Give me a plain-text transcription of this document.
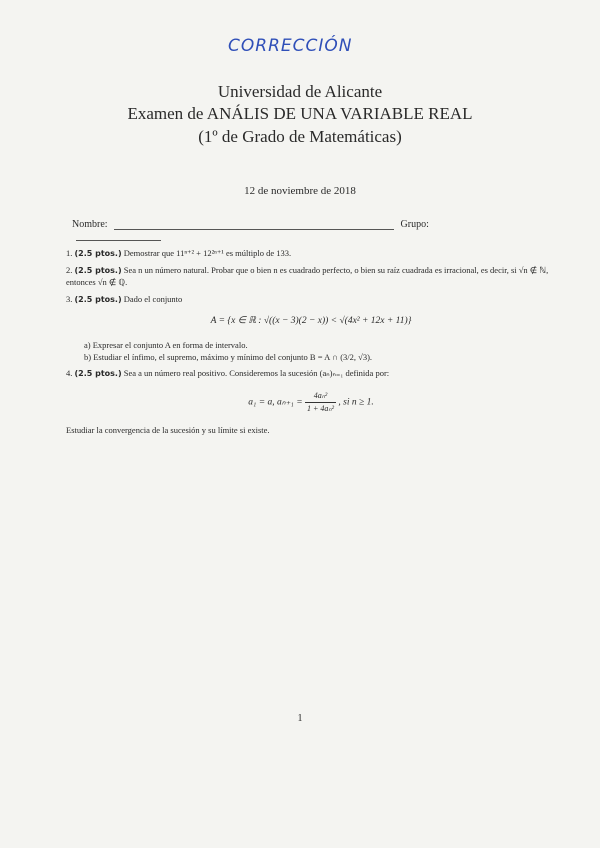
CORRECCIÓN
Universidad de Alicante
Examen de ANÁLIS DE UNA VARIABLE REAL
(1º de Grado de Matemáticas)
12 de noviembre de 2018
Nombre:	Grupo:
1. (2.5 ptos.) Demostrar que 11ⁿ⁺² + 12²ⁿ⁺¹ es múltiplo de 133.
2. (2.5 ptos.) Sea n un número natural. Probar que o bien n es cuadrado perfecto, o bien su raíz cuadrada es irracional, es decir, si √n ∉ ℕ, entonces √n ∉ ℚ.
3. (2.5 ptos.) Dado el conjunto
A = {x ∈ ℝ : √((x − 3)(2 − x)) < √(4x² + 12x + 11)}
a) Expresar el conjunto A en forma de intervalo.
b) Estudiar el ínfimo, el supremo, máximo y mínimo del conjunto B = A ∩ (3/2, √3).
4. (2.5 ptos.) Sea a un número real positivo. Consideremos la sucesión (aₙ)ₙ₌₁ definida por:
a₁ = a, $a_{n+1} = \frac{\text{4aₙ²}}{\text{1 + 4aₙ²}}$ , si n ≥ 1.
Estudiar la convergencia de la sucesión y su límite si existe.
1
